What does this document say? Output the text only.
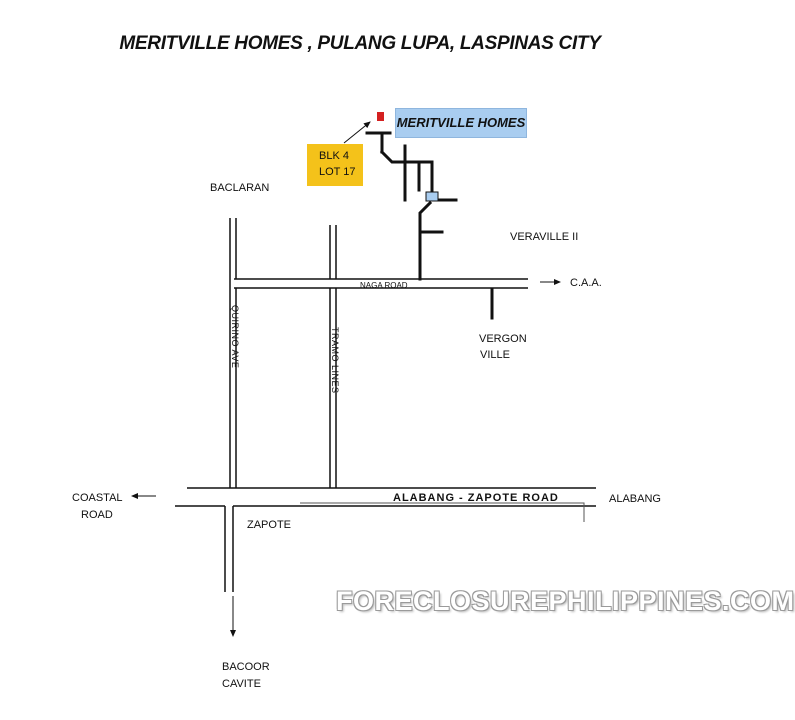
MERITVILLE HOMES , PULANG LUPA, LASPINAS CITY
MERITVILLE HOMES
BLK 4
LOT 17
BACLARAN
VERAVILLE II
C.A.A.
VERGON
VILLE
COASTAL
ROAD
ALABANG
ZAPOTE
BACOOR
CAVITE
NAGA ROAD
QUIRINO AVE	TRAMO LINES
ALABANG - ZAPOTE ROAD
FORECLOSUREPHILIPPINES.COM
